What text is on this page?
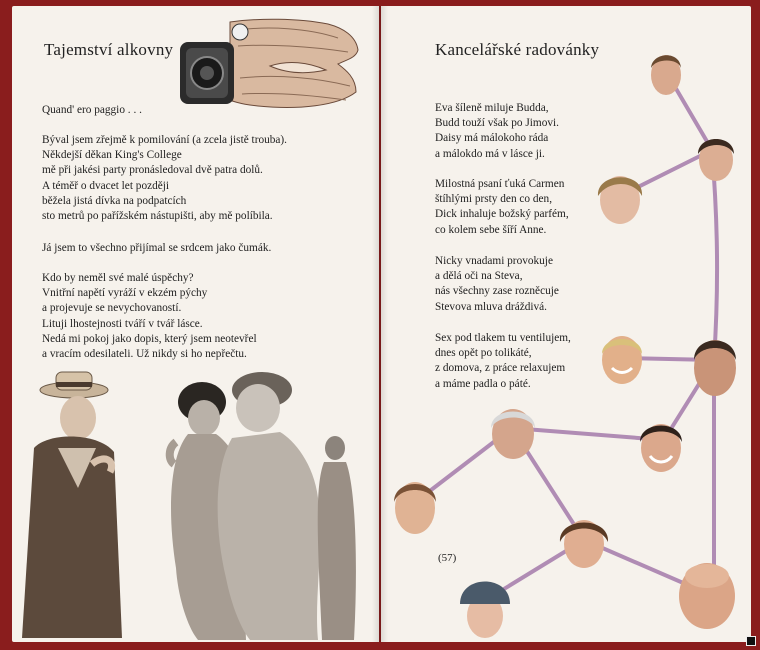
Tajemství alkovny
Quand' ero paggio . . .
Býval jsem zřejmě k pomilování (a zcela jistě trouba).
Někdejší děkan King's College
mě při jakési party pronásledoval dvě patra dolů.
A téměř o dvacet let později
běžela jistá dívka na podpatcích
sto metrů po pařížském nástupišti, aby mě políbila.
Já jsem to všechno přijímal se srdcem jako čumák.
Kdo by neměl své malé úspěchy?
Vnitřní napětí vyráží v ekzém pýchy
a projevuje se nevychovaností.
Lituji lhostejnosti tváří v tvář lásce.
Nedá mi pokoj jako dopis, který jsem neotevřel
a vracím odesilateli. Už nikdy si ho nepřečtu.
Kancelářské radovánky
Eva šíleně miluje Budda,
Budd touží však po Jimovi.
Daisy má málokoho ráda
a málokdo má v lásce ji.
Milostná psaní ťuká Carmen
štíhlými prsty den co den,
Dick inhaluje božský parfém,
co kolem sebe šíří Anne.
Nicky vnadami provokuje
a dělá oči na Steva,
nás všechny zase rozněcuje
Stevova mluva dráždivá.
Sex pod tlakem tu ventilujem,
dnes opět po tolikáté,
z domova, z práce relaxujem
a máme padla o páté.
(57)
